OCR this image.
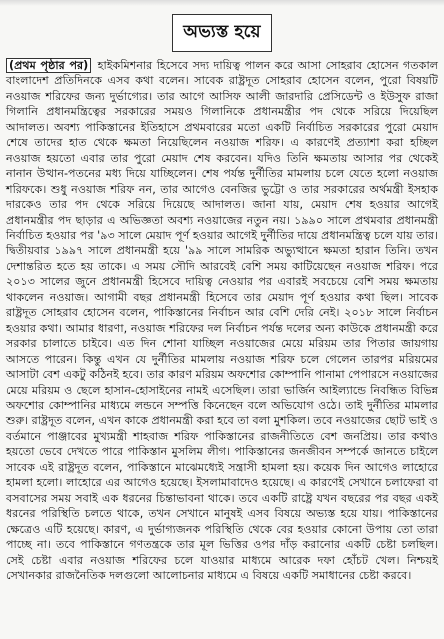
অভ্যস্ত হয়ে

(প্রথম পৃষ্ঠার পর) হাইকমিশনার হিসেবে সদ্য দায়িত্ব পালন করে আসা সোহরাব হোসেন গতকাল বাংলাদেশ প্রতিদিনকে এসব কথা বলেন। সাবেক রাষ্ট্রদূত সোহরাব হোসেন বলেন, পুরো বিষয়টি নওয়াজ শরিফের জন্য দুর্ভাগ্যের। তার আগে আসিফ আলী জারদারি প্রেসিডেন্ট ও ইউসুফ রাজা গিলানি প্রধানমন্ত্রিত্বের সরকারের সময়ও গিলানিকে প্রধানমন্ত্রীর পদ থেকে সরিয়ে দিয়েছিল আদালত। অবশ্য পাকিস্তানের ইতিহাসে প্রথমবারের মতো একটি নির্বাচিত সরকারের পুরো মেয়াদ শেষে তাদের হাত থেকে ক্ষমতা নিয়েছিলেন নওয়াজ শরিফ। এ কারণেই প্রত্যাশা করা হচ্ছিল নওয়াজ হয়তো এবার তার পুরো মেয়াদ শেষ করবেন। যদিও তিনি ক্ষমতায় আসার পর থেকেই নানান উত্থান-পতনের মধ্য দিয়ে যাচ্ছিলেন। শেষ পর্যন্ত দুর্নীতির মামলায় চলে যেতে হলো নওয়াজ শরিফকে। শুধু নওয়াজ শরিফ নন, তার আগেও বেনজির ভুট্টো ও তার সরকারের অর্থমন্ত্রী ইসহাক দারকেও তার পদ থেকে সরিয়ে দিয়েছে আদালত। জানা যায়, মেয়াদ শেষ হওয়ার আগেই প্রধানমন্ত্রীর পদ ছাড়ার এ অভিজ্ঞতা অবশ্য নওয়াজের নতুন নয়। ১৯৯০ সালে প্রথমবার প্রধানমন্ত্রী নির্বাচিত হওয়ার পর '৯৩ সালে মেয়াদ পূর্ণ হওয়ার আগেই দুর্নীতির দায়ে প্রধানমন্ত্রিত্ব চলে যায় তার। দ্বিতীয়বার ১৯৯৭ সালে প্রধানমন্ত্রী হয়ে '৯৯ সালে সামরিক অভ্যুত্থানে ক্ষমতা হারান তিনি। তখন দেশান্তরিত হতে হয় তাকে। এ সময় সৌদি আরবেই বেশি সময় কাটিয়েছেন নওয়াজ শরিফ। পরে ২০১৩ সালের জুনে প্রধানমন্ত্রী হিসেবে দায়িত্ব নেওয়ার পর এবারই সবচেয়ে বেশি সময় ক্ষমতায় থাকলেন নওয়াজ। আগামী বছর প্রধানমন্ত্রী হিসেবে তার মেয়াদ পূর্ণ হওয়ার কথা ছিল। সাবেক রাষ্ট্রদূত সোহরাব হোসেন বলেন, পাকিস্তানের নির্বাচন আর বেশি দেরি নেই। ২০১৮ সালে নির্বাচন হওয়ার কথা। আমার ধারণা, নওয়াজ শরিফের দল নির্বাচন পর্যন্ত দলের অন্য কাউকে প্রধানমন্ত্রী করে সরকার চালাতে চাইবে। এত দিন শোনা যাচ্ছিল নওয়াজের মেয়ে মরিয়ম তার পিতার জায়গায় আসতে পারেন। কিন্তু এখন যে দুর্নীতির মামলায় নওয়াজ শরিফ চলে গেলেন তারপর মরিয়মের আসাটা বেশ একটু কঠিনই হবে। তার কারণ মরিয়ম অফশোর কোম্পানি পানামা পেপারসে নওয়াজের মেয়ে মরিয়ম ও ছেলে হাসান-হোসাইনের নামই এসেছিল। তারা ভার্জিন আইল্যান্ডে নিবন্ধিত বিভিন্ন অফশোর কোম্পানির মাধ্যমে লন্ডনে সম্পত্তি কিনেছেন বলে অভিযোগ ওঠে। তাই দুর্নীতির মামলার শুরু। রাষ্ট্রদূত বলেন, এখন কাকে প্রধানমন্ত্রী করা হবে তা বলা মুশকিল। তবে নওয়াজের ছোট ভাই ও বর্তমানে পাঞ্জাবের মুখ্যমন্ত্রী শাহবাজ শরিফ পাকিস্তানের রাজনীতিতে বেশ জনপ্রিয়। তার কথাও হয়তো ভেবে দেখতে পারে পাকিস্তান মুসলিম লীগ। পাকিস্তানের জনজীবন সম্পর্কে জানতে চাইলে সাবেক এই রাষ্ট্রদূত বলেন, পাকিস্তানে মাঝেমধ্যেই সন্ত্রাসী হামলা হয়। কয়েক দিন আগেও লাহোরে হামলা হলো। লাহোরে এর আগেও হয়েছে। ইসলামাবাদেও হয়েছে। এ কারণেই সেখানে চলাফেরা বা বসবাসের সময় সবাই এক ধরনের চিন্তাভাবনা থাকে। তবে একটি রাষ্ট্রে যখন বছরের পর বছর একই ধরনের পরিস্থিতি চলতে থাকে, তখন সেখানে মানুষই এসব বিষয়ে অভ্যস্ত হয়ে যায়। পাকিস্তানের ক্ষেত্রেও এটি হয়েছে। কারণ, এ দুর্ভাগ্যজনক পরিস্থিতি থেকে বের হওয়ার কোনো উপায় তো তারা পাচ্ছে না। তবে পাকিস্তানে গণতন্ত্রকে তার মূল ভিত্তির ওপর দাঁড় করানোর একটি চেষ্টা চলছিল। সেই চেষ্টা এবার নওয়াজ শরিফের চলে যাওয়ার মাধ্যমে আরেক দফা হোঁচট খেল। নিশ্চয়ই সেখানকার রাজনৈতিক দলগুলো আলোচনার মাধ্যমে এ বিষয়ে একটি সমাধানের চেষ্টা করবে।
